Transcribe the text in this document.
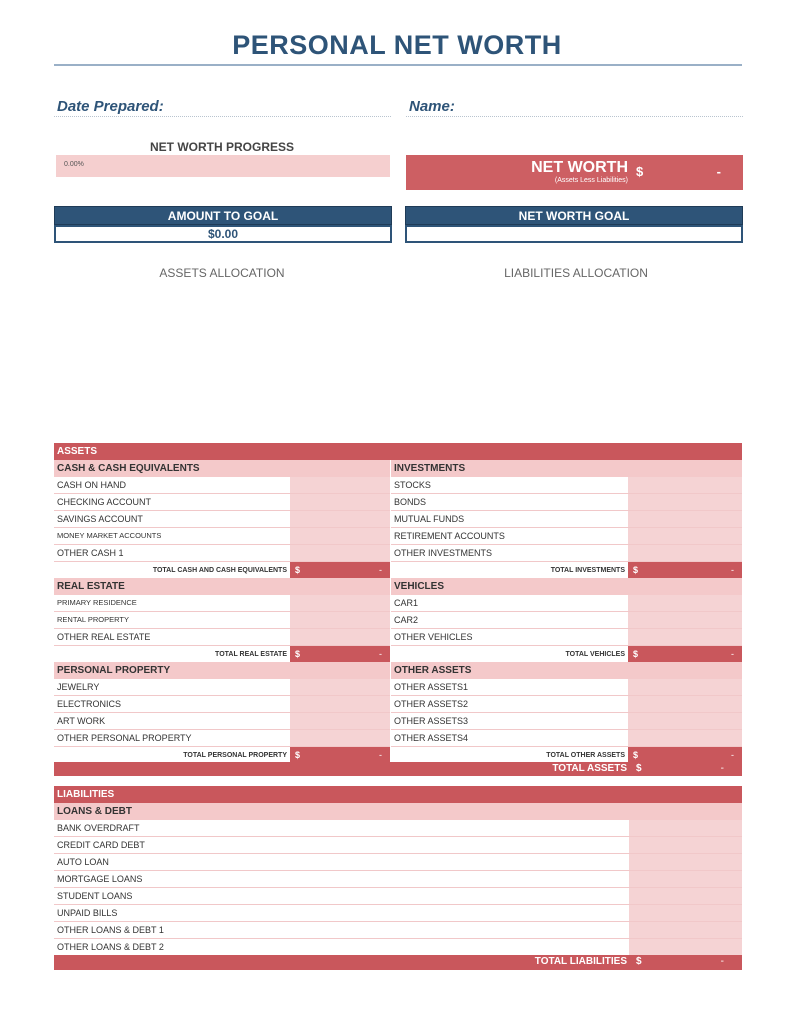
PERSONAL NET WORTH
Date Prepared:	Name:
NET WORTH PROGRESS
0.00%	NET WORTH
(Assets Less Liabilities)
$	-
AMOUNT TO GOAL
$0.00
NET WORTH GOAL
ASSETS ALLOCATION	LIABILITIES ALLOCATION
ASSETS
CASH & CASH EQUIVALENTS
CASH ON HAND
CHECKING ACCOUNT
SAVINGS ACCOUNT
MONEY MARKET ACCOUNTS
OTHER CASH 1
TOTAL CASH AND CASH EQUIVALENTS $	-
INVESTMENTS
STOCKS
BONDS
MUTUAL FUNDS
RETIREMENT ACCOUNTS
OTHER INVESTMENTS
TOTAL INVESTMENTS $	-
REAL ESTATE
PRIMARY RESIDENCE
RENTAL PROPERTY
OTHER REAL ESTATE
TOTAL REAL ESTATE $	-
VEHICLES
CAR1
CAR2
OTHER VEHICLES
TOTAL VEHICLES $	-
PERSONAL PROPERTY
JEWELRY
ELECTRONICS
ART WORK
OTHER PERSONAL PROPERTY
TOTAL PERSONAL PROPERTY $	-
OTHER ASSETS
OTHER ASSETS1
OTHER ASSETS2
OTHER ASSETS3
OTHER ASSETS4
TOTAL OTHER ASSETS $	-
TOTAL ASSETS $	-
LIABILITIES
LOANS & DEBT
BANK OVERDRAFT
CREDIT CARD DEBT
AUTO LOAN
MORTGAGE LOANS
STUDENT LOANS
UNPAID BILLS
OTHER LOANS & DEBT 1
OTHER LOANS & DEBT 2
TOTAL LIABILITIES $	-
